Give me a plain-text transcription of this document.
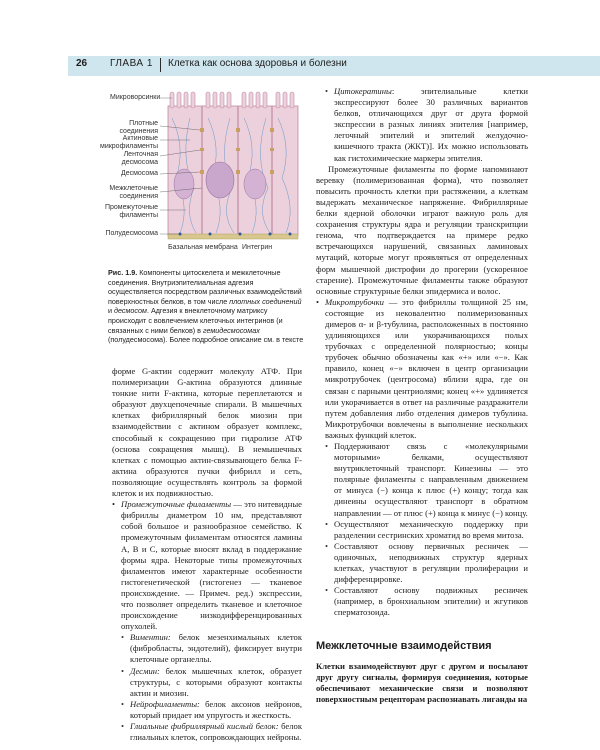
26 ГЛАВА 1 Клетка как основа здоровья и болезни
Микроворсинки
Плотные соединения
Актиновые микрофиламенты
Ленточная десмосома
Десмосома
Межклеточные соединения
Промежуточные филаменты
Полудесмосома
Базальная мембрана Интегрин
Рис. 1.9. Компоненты цитоскелета и межклеточные соединения. Внутриэпителиальная адгезия осуществляется посредством различных взаимодействий поверхностных белков, в том числе плотных соединений и десмосом. Адгезия к внеклеточному матриксу происходит с вовлечением клеточных интегринов (и связанных с ними белков) в гемидесмосомах (полудесмосома). Более подробное описание см. в тексте

форме G-актин содержит молекулу АТФ. При полимеризации G-актина образуются длинные тонкие нити F-актина, которые переплетаются и образуют двухцепочечные спирали. В мышечных клетках фибриллярный белок миозин при взаимодействии с актином образует комплекс, способный к сокращению при гидролизе АТФ (основа сокращения мышц). В немышечных клетках с помощью актин-связывающего белка F-актина образуются пучки фибрилл и сеть, позволяющие осуществлять контроль за формой клеток и их подвижностью.

• Промежуточные филаменты — это нитевидные фибриллы диаметром 10 нм, представляют собой большое и разнообразное семейство. К промежуточным филаментам относятся ламины А, В и С, которые вносят вклад в поддержание формы ядра. Некоторые типы промежуточных филаментов имеют характерные особенности гистогенетической (гистогенез — тканевое происхождение. — Примеч. ред.) экспрессии, что позволяет определить тканевое и клеточное происхождение низкодифференцированных опухолей.
• Виментин: белок мезенхимальных клеток (фибробласты, эндотелий), фиксирует внутри клеточные органеллы.
• Десмин: белок мышечных клеток, образует структуры, с которыми образуют контакты актин и миозин.
• Нейрофиламенты: белок аксонов нейронов, который придает им упругость и жесткость.
• Глиальные фибриллярный кислый белок: белок глиальных клеток, сопровождающих нейроны.
• Цитокератины: эпителиальные клетки экспрессируют более 30 различных вариантов белков, отличающихся друг от друга формой экспрессии в разных линиях эпителия [например, легочный эпителий и эпителий желудочно-кишечного тракта (ЖКТ)]. Их можно использовать как гистохимические маркеры эпителия.

Промежуточные филаменты по форме напоминают веревку (полимеризованная форма), что позволяет повысить прочность клетки при растяжении, а клеткам выдержать механическое напряжение. Фибриллярные белки ядерной оболочки играют важную роль для сохранения структуры ядра и регуляции транскрипции генома, что подтверждается на примере редко встречающихся нарушений, связанных ламиновых мутаций, которые могут проявляться от определенных форм мышечной дистрофии до прогерии (ускоренное старение). Промежуточные филаменты также образуют основные структурные белки эпидермиса и волос.

• Микротрубочки — это фибриллы толщиной 25 нм, состоящие из нековалентно полимеризованных димеров α- и β-тубулина, расположенных в постоянно удлиняющихся или укорачивающихся полых трубочках с определенной полярностью; концы трубочек обычно обозначены как «+» или «−». Как правило, конец «−» включен в центр организации микротрубочек (центросома) вблизи ядра, где он связан с парными центриолями; конец «+» удлиняется или укорачивается в ответ на различные раздражители путем добавления либо отделения димеров тубулина. Микротрубочки вовлечены в выполнение нескольких важных функций клеток.
• Поддерживают связь с «молекулярными моторными» белками, осуществляют внутриклеточный транспорт. Кинезины — это полярные филаменты с направленным движением от минуса (−) конца к плюс (+) концу; тогда как динеины осуществляют транспорт в обратном направлении — от плюс (+) конца к минус (−) концу.
• Осуществляют механическую поддержку при разделении сестринских хроматид во время митоза.
• Составляют основу первичных ресничек — одиночных, неподвижных структур ядерных клетках, участвуют в регуляции пролиферации и дифференцировке.
• Составляют основу подвижных ресничек (например, в бронхиальном эпителии) и жгутиков сперматозоида.
Межклеточные взаимодействия
Клетки взаимодействуют друг с другом и посылают друг другу сигналы, формируя соединения, которые обеспечивают механические связи и позволяют поверхностным рецепторам распознавать лиганды на
